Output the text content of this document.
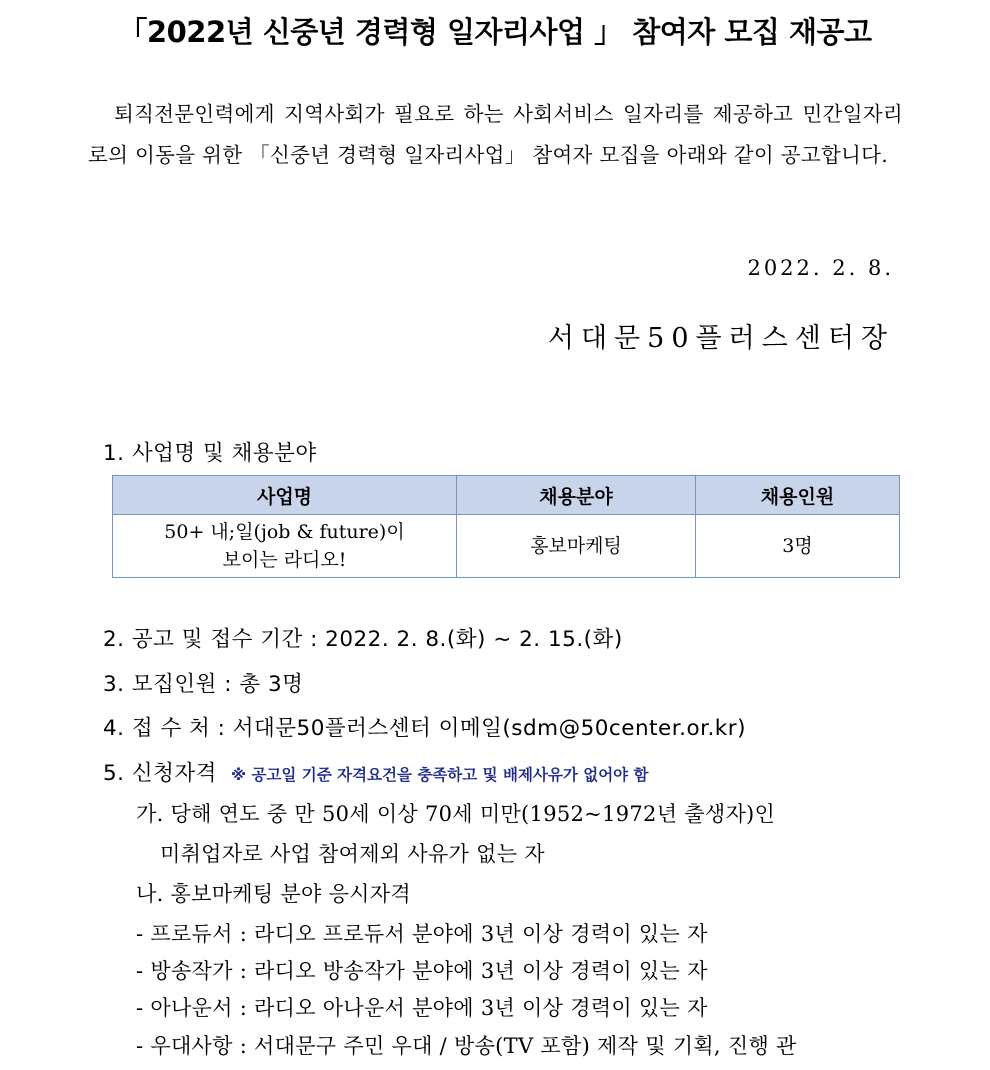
「2022년 신중년 경력형 일자리사업 」 참여자 모집 재공고
퇴직전문인력에게 지역사회가 필요로 하는 사회서비스 일자리를 제공하고 민간일자리로의 이동을 위한 「신중년 경력형 일자리사업」 참여자 모집을 아래와 같이 공고합니다.
2022. 2. 8.
서대문50플러스센터장
1. 사업명 및 채용분야
사업명	채용분야	채용인원

50+ 내;일(job & future)이
보이는 라디오!	홍보마케팅	3명
2. 공고 및 접수 기간 : 2022. 2. 8.(화) ~ 2. 15.(화)
3. 모집인원 : 총 3명
4. 접 수 처 : 서대문50플러스센터 이메일(sdm@50center.or.kr)
5. 신청자격 ※ 공고일 기준 자격요건을 충족하고 및 배제사유가 없어야 함
가. 당해 연도 중 만 50세 이상 70세 미만(1952~1972년 출생자)인
미취업자로 사업 참여제외 사유가 없는 자
나. 홍보마케팅 분야 응시자격
- 프로듀서 : 라디오 프로듀서 분야에 3년 이상 경력이 있는 자
- 방송작가 : 라디오 방송작가 분야에 3년 이상 경력이 있는 자
- 아나운서 : 라디오 아나운서 분야에 3년 이상 경력이 있는 자
- 우대사항 : 서대문구 주민 우대 / 방송(TV 포함) 제작 및 기획, 진행 관
